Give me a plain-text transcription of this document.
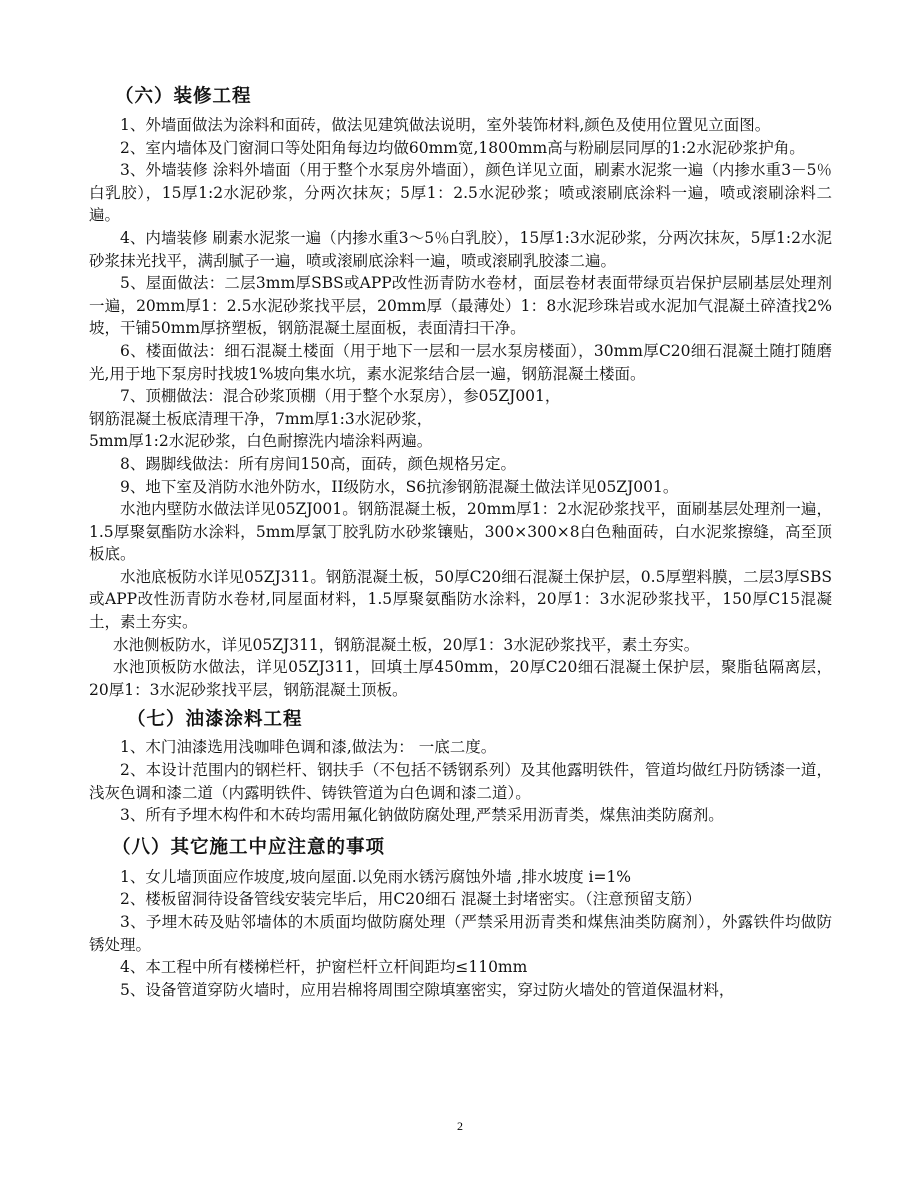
（六）装修工程

1、外墙面做法为涂料和面砖，做法见建筑做法说明，室外装饰材料,颜色及使用位置见立面图。

2、室内墙体及门窗洞口等处阳角每边均做60mm宽,1800mm高与粉刷层同厚的1:2水泥砂浆护角。

3、外墙装修 涂料外墙面（用于整个水泵房外墙面），颜色详见立面，刷素水泥浆一遍（内掺水重3－5％白乳胶），15厚1:2水泥砂浆，分两次抹灰；5厚1：2.5水泥砂浆；喷或滚刷底涂料一遍，喷或滚刷涂料二遍。

4、内墙装修 刷素水泥浆一遍（内掺水重3～5％白乳胶），15厚1:3水泥砂浆，分两次抹灰，5厚1:2水泥砂浆抹光找平，满刮腻子一遍，喷或滚刷底涂料一遍，喷或滚刷乳胶漆二遍。

5、屋面做法：二层3mm厚SBS或APP改性沥青防水卷材，面层卷材表面带绿页岩保护层刷基层处理剂一遍，20mm厚1：2.5水泥砂浆找平层，20mm厚（最薄处）1：8水泥珍珠岩或水泥加气混凝土碎渣找2%坡，干铺50mm厚挤塑板，钢筋混凝土屋面板，表面清扫干净。

6、楼面做法：细石混凝土楼面（用于地下一层和一层水泵房楼面），30mm厚C20细石混凝土随打随磨光,用于地下泵房时找坡1%坡向集水坑，素水泥浆结合层一遍，钢筋混凝土楼面。

7、顶棚做法：混合砂浆顶棚（用于整个水泵房），参05ZJ001，

钢筋混凝土板底清理干净，7mm厚1:3水泥砂浆，

5mm厚1:2水泥砂浆，白色耐擦洗内墙涂料两遍。

8、踢脚线做法：所有房间150高，面砖，颜色规格另定。

9、地下室及消防水池外防水，II级防水，S6抗渗钢筋混凝土做法详见05ZJ001。

水池内壁防水做法详见05ZJ001。钢筋混凝土板，20mm厚1：2水泥砂浆找平，面刷基层处理剂一遍，1.5厚聚氨酯防水涂料，5mm厚氯丁胶乳防水砂浆镶贴，300×300×8白色釉面砖，白水泥浆擦缝，高至顶板底。

水池底板防水详见05ZJ311。钢筋混凝土板，50厚C20细石混凝土保护层，0.5厚塑料膜，二层3厚SBS或APP改性沥青防水卷材,同屋面材料，1.5厚聚氨酯防水涂料，20厚1：3水泥砂浆找平，150厚C15混凝土，素土夯实。

水池侧板防水，详见05ZJ311，钢筋混凝土板，20厚1：3水泥砂浆找平，素土夯实。

水池顶板防水做法，详见05ZJ311，回填土厚450mm，20厚C20细石混凝土保护层，聚脂毡隔离层，20厚1：3水泥砂浆找平层，钢筋混凝土顶板。

（七）油漆涂料工程

1、木门油漆选用浅咖啡色调和漆,做法为： 一底二度。

2、本设计范围内的钢栏杆、钢扶手（不包括不锈钢系列）及其他露明铁件，管道均做红丹防锈漆一道，浅灰色调和漆二道（内露明铁件、铸铁管道为白色调和漆二道）。

3、所有予埋木构件和木砖均需用氟化钠做防腐处理,严禁采用沥青类，煤焦油类防腐剂。

（八）其它施工中应注意的事项

1、女儿墙顶面应作坡度,坡向屋面.以免雨水锈污腐蚀外墙 ,排水坡度 i=1%

2、楼板留洞待设备管线安装完毕后，用C20细石 混凝土封堵密实。（注意预留支筋）

3、予埋木砖及贴邻墙体的木质面均做防腐处理（严禁采用沥青类和煤焦油类防腐剂），外露铁件均做防锈处理。

4、本工程中所有楼梯栏杆，护窗栏杆立杆间距均≤110mm

5、设备管道穿防火墙时，应用岩棉将周围空隙填塞密实，穿过防火墙处的管道保温材料，

2
